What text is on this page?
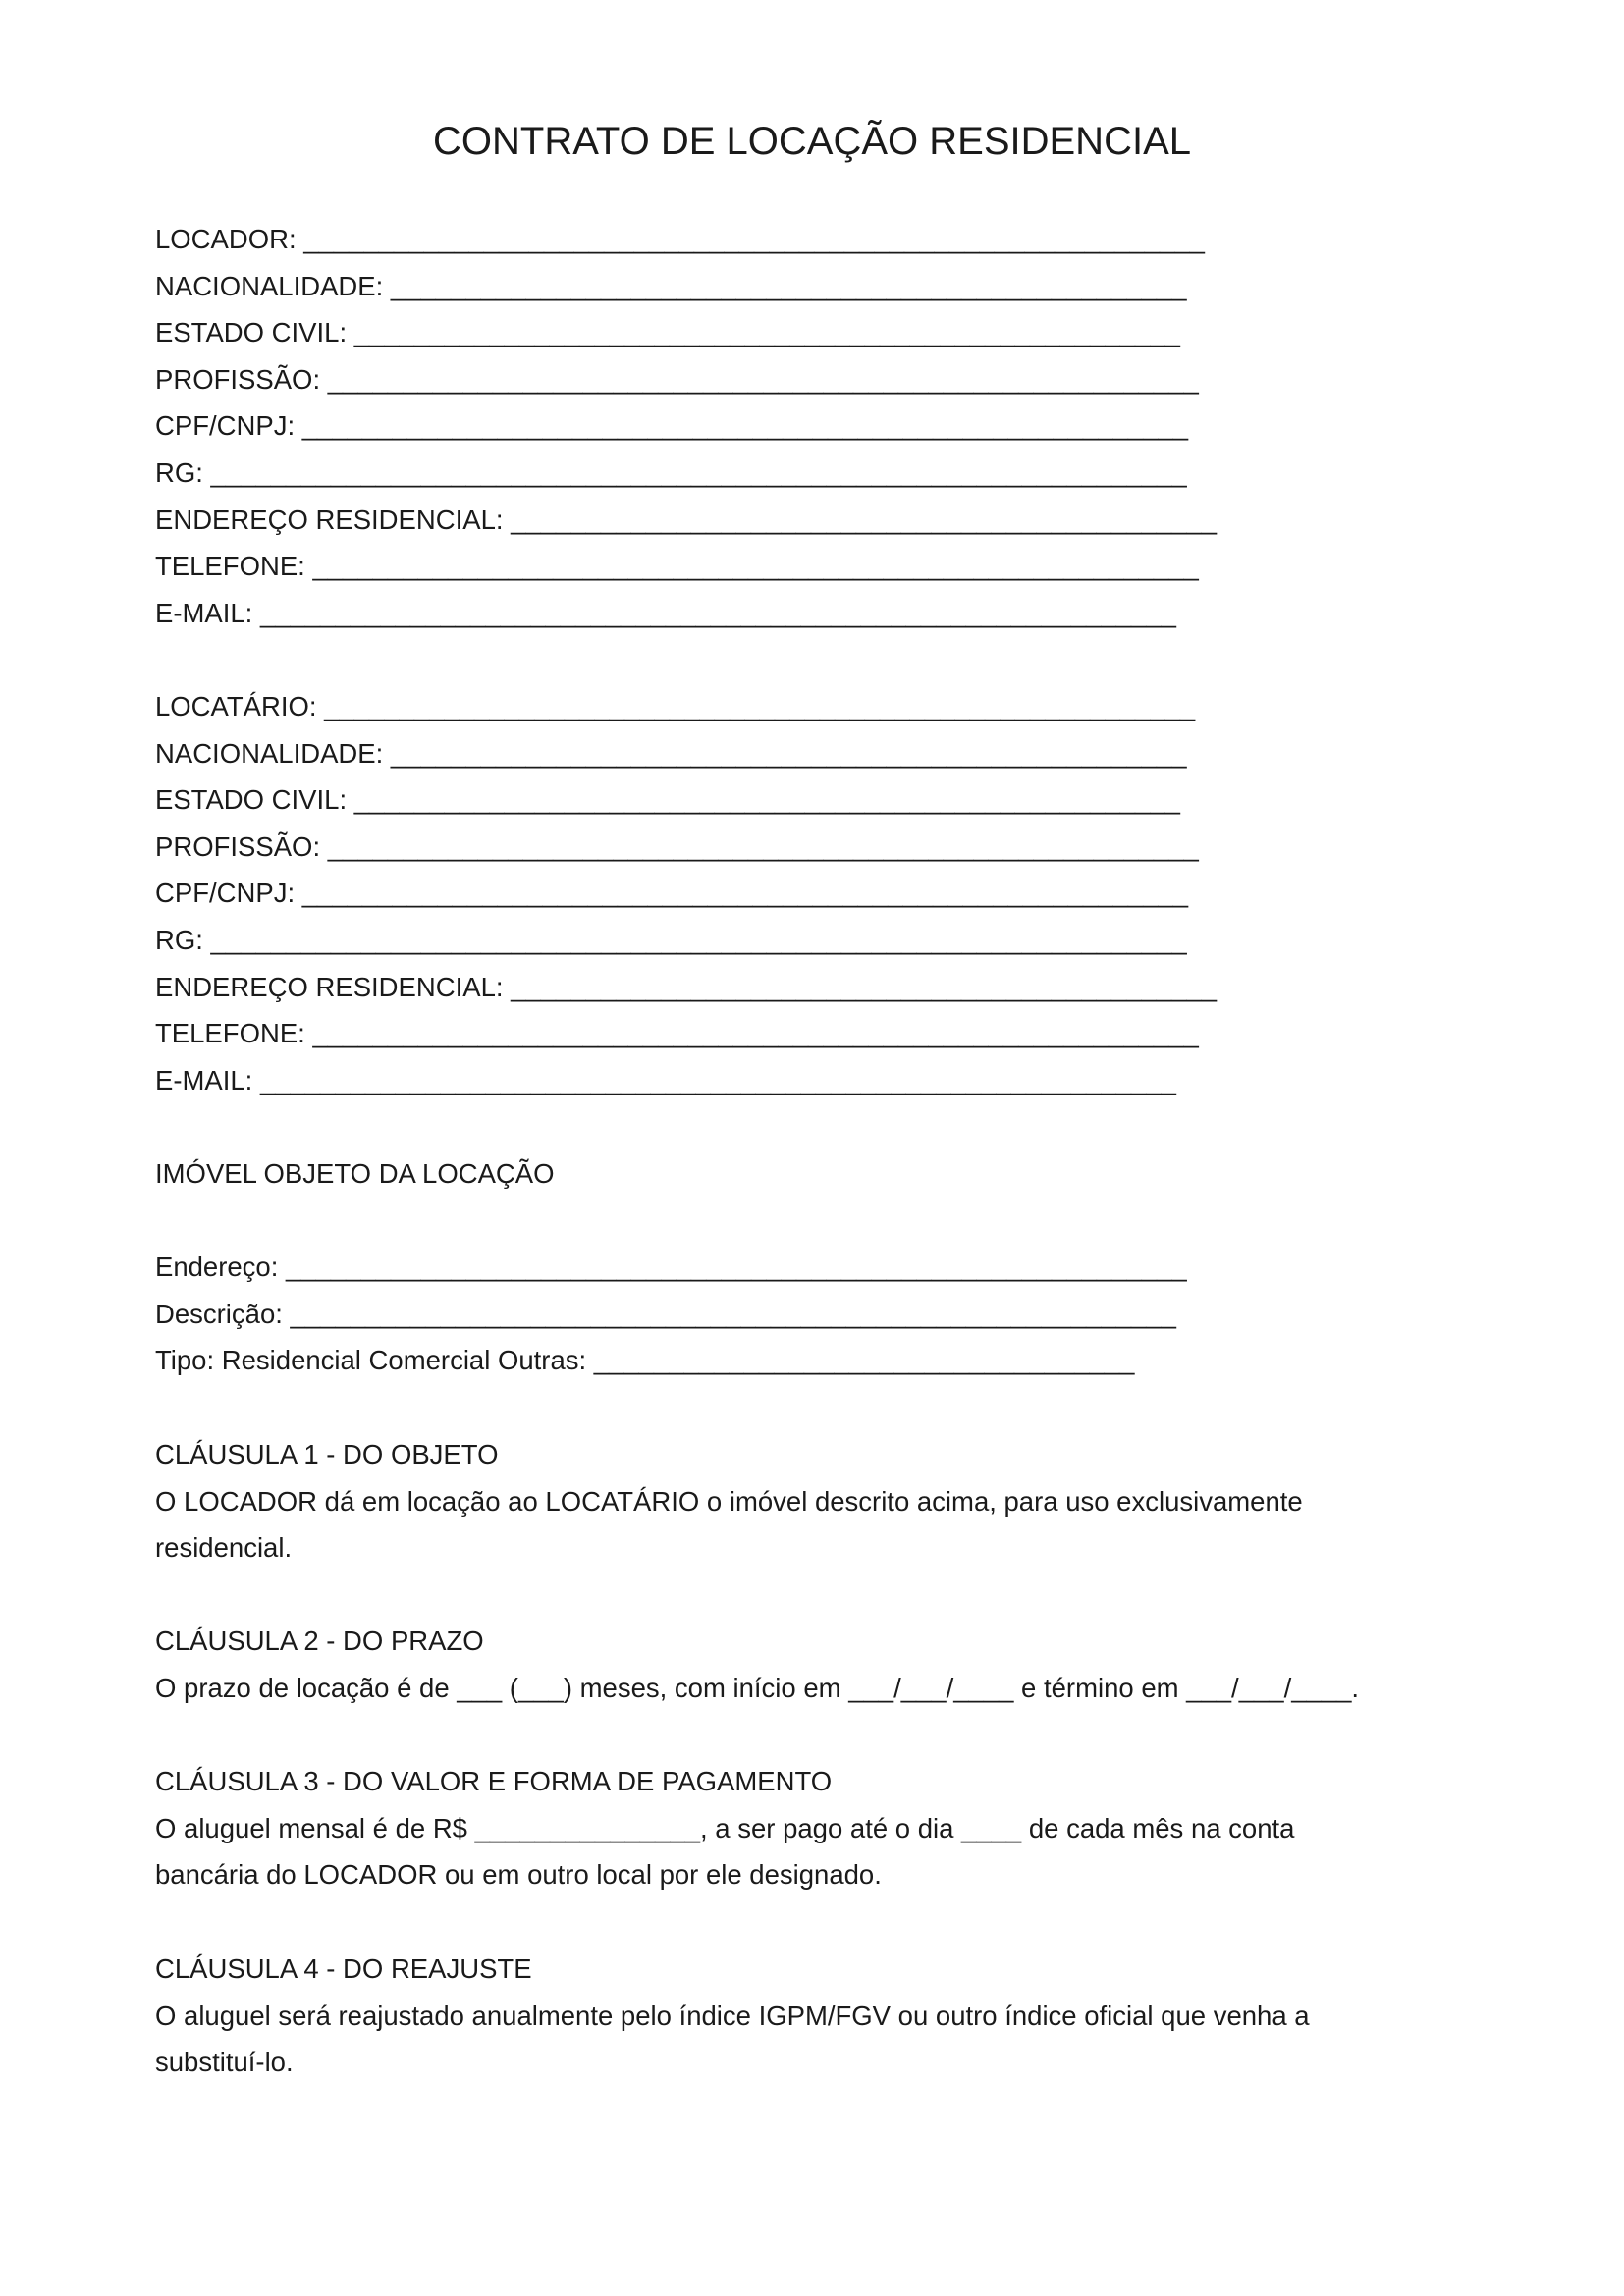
CONTRATO DE LOCAÇÃO RESIDENCIAL
LOCADOR: ____________________________________________________________
NACIONALIDADE: _____________________________________________________
ESTADO CIVIL: _______________________________________________________
PROFISSÃO: __________________________________________________________
CPF/CNPJ: ___________________________________________________________
RG: _________________________________________________________________
ENDEREÇO RESIDENCIAL: _______________________________________________
TELEFONE: ___________________________________________________________
E-MAIL: _____________________________________________________________
LOCATÁRIO: __________________________________________________________
NACIONALIDADE: _____________________________________________________
ESTADO CIVIL: _______________________________________________________
PROFISSÃO: __________________________________________________________
CPF/CNPJ: ___________________________________________________________
RG: _________________________________________________________________
ENDEREÇO RESIDENCIAL: _______________________________________________
TELEFONE: ___________________________________________________________
E-MAIL: _____________________________________________________________
IMÓVEL OBJETO DA LOCAÇÃO
Endereço: ____________________________________________________________
Descrição: ___________________________________________________________
Tipo: Residencial Comercial Outras: ____________________________________
CLÁUSULA 1 - DO OBJETO
O LOCADOR dá em locação ao LOCATÁRIO o imóvel descrito acima, para uso exclusivamente residencial.
CLÁUSULA 2 - DO PRAZO
O prazo de locação é de ___ (___) meses, com início em ___/___/____ e término em ___/___/____.
CLÁUSULA 3 - DO VALOR E FORMA DE PAGAMENTO
O aluguel mensal é de R$ _______________, a ser pago até o dia ____ de cada mês na conta bancária do LOCADOR ou em outro local por ele designado.
CLÁUSULA 4 - DO REAJUSTE
O aluguel será reajustado anualmente pelo índice IGPM/FGV ou outro índice oficial que venha a substituí-lo.
